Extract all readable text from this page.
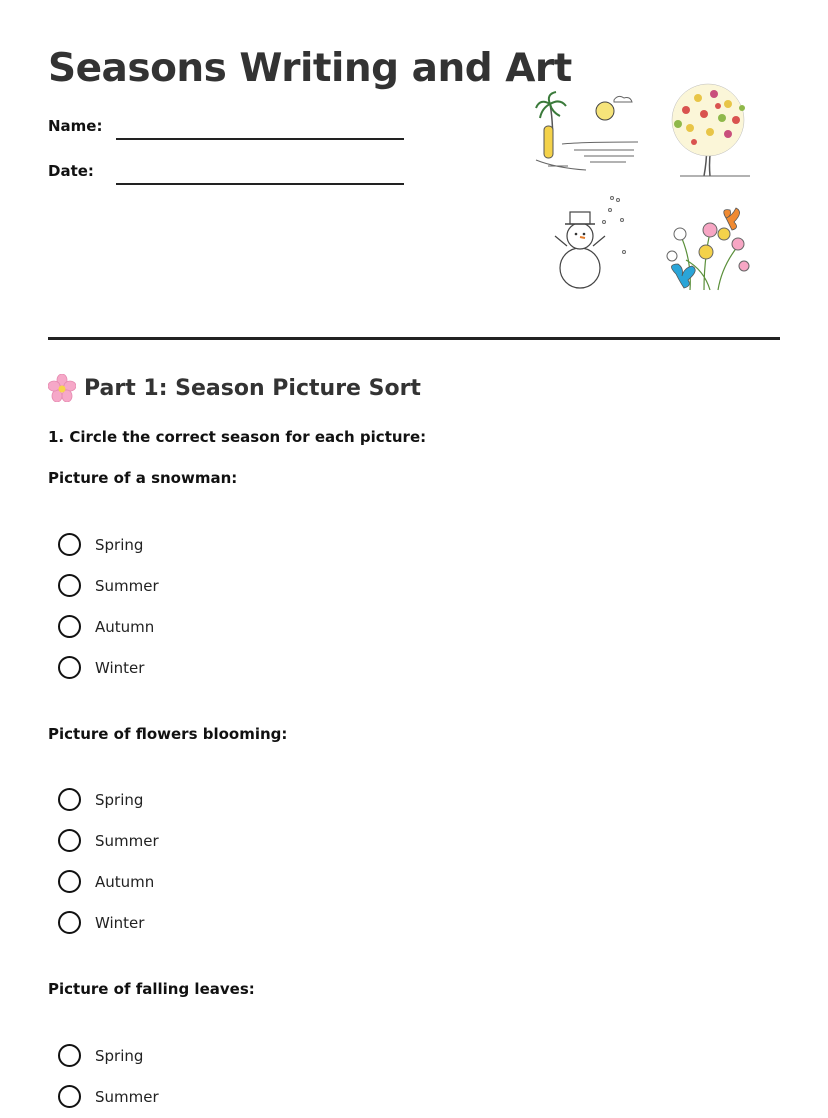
Seasons Writing and Art
Name:
Date:
Part 1: Season Picture Sort
1. Circle the correct season for each picture:
Picture of a snowman:
Spring
Summer
Autumn
Winter
Picture of flowers blooming:
Spring
Summer
Autumn
Winter
Picture of falling leaves:
Spring
Summer
